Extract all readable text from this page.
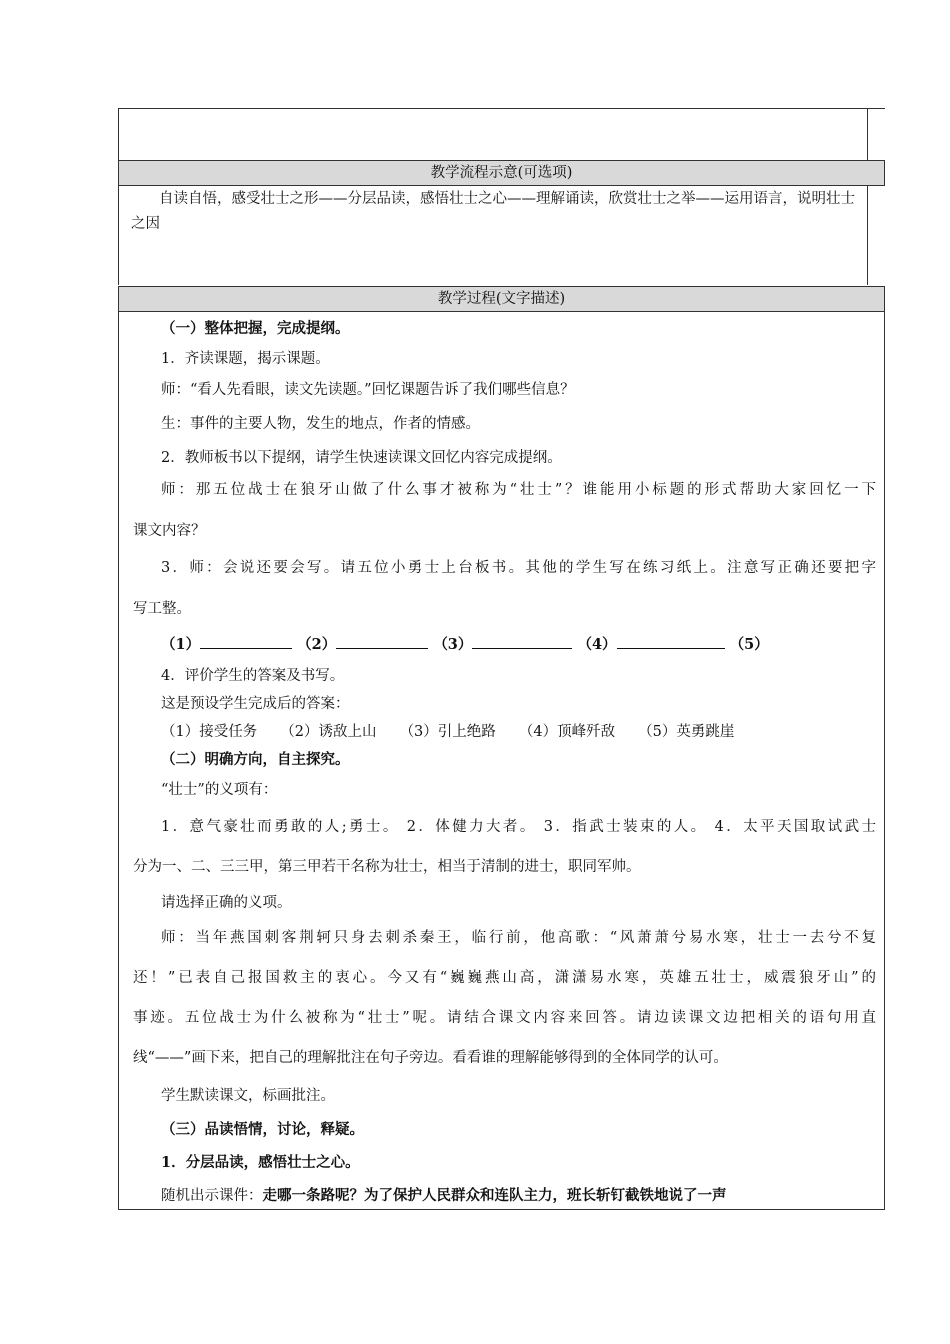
教学流程示意(可选项)

自读自悟，感受壮士之形——分层品读，感悟壮士之心——理解诵读，欣赏壮士之举——运用语言，说明壮士之因

教学过程(文字描述)
（一）整体把握，完成提纲。
1．齐读课题，揭示课题。
师：“看人先看眼，读文先读题。”回忆课题告诉了我们哪些信息？
生：事件的主要人物，发生的地点，作者的情感。
2．教师板书以下提纲，请学生快速读课文回忆内容完成提纲。
师：那五位战士在狼牙山做了什么事才被称为“壮士”？谁能用小标题的形式帮助大家回忆一下
课文内容？
3．师：会说还要会写。请五位小勇士上台板书。其他的学生写在练习纸上。注意写正确还要把字
写工整。
（1）	（2）	（3）	（4）	（5）
4．评价学生的答案及书写。
这是预设学生完成后的答案：
（1）接受任务 （2）诱敌上山 （3）引上绝路 （4）顶峰歼敌 （5）英勇跳崖
（二）明确方向，自主探究。
“壮士”的义项有：
1．意气豪壮而勇敢的人;勇士。 2．体健力大者。 3．指武士装束的人。 4．太平天国取试武士
分为一、二、三三甲，第三甲若干名称为壮士，相当于清制的进士，职同军帅。
请选择正确的义项。
师：当年燕国刺客荆轲只身去刺杀秦王，临行前，他高歌：“风萧萧兮易水寒，壮士一去兮不复
还！”已表自己报国救主的衷心。今又有“巍巍燕山高，潇潇易水寒，英雄五壮士，威震狼牙山”的
事迹。五位战士为什么被称为“壮士”呢。请结合课文内容来回答。请边读课文边把相关的语句用直
线“——”画下来，把自己的理解批注在句子旁边。看看谁的理解能够得到的全体同学的认可。
学生默读课文，标画批注。
（三）品读悟情，讨论，释疑。
1．分层品读，感悟壮士之心。
随机出示课件：走哪一条路呢？为了保护人民群众和连队主力，班长斩钉截铁地说了一声
